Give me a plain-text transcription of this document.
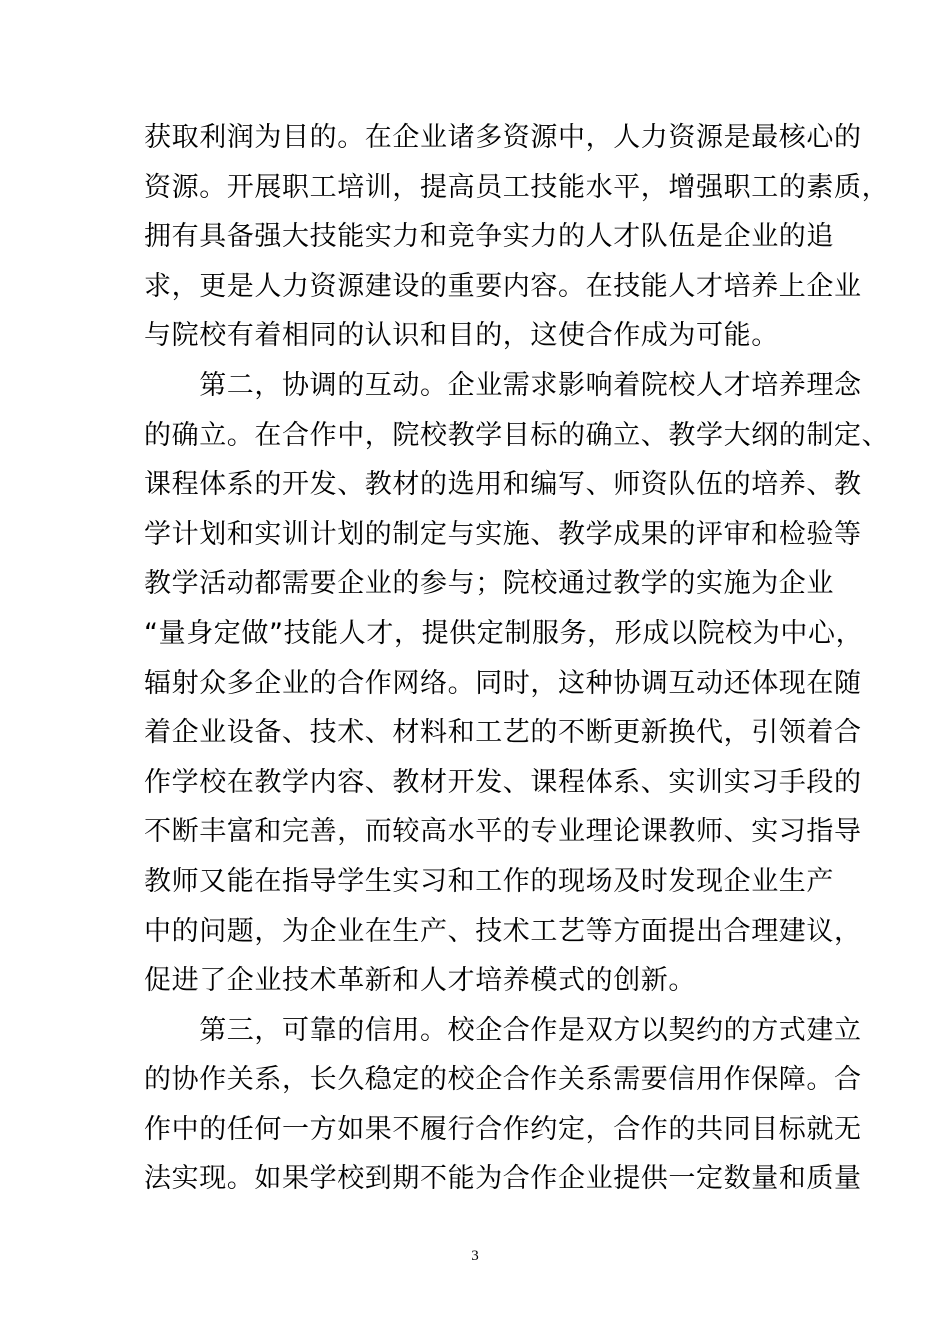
获取利润为目的。在企业诸多资源中，人力资源是最核心的
资源。开展职工培训，提高员工技能水平，增强职工的素质，
拥有具备强大技能实力和竞争实力的人才队伍是企业的追
求，更是人力资源建设的重要内容。在技能人才培养上企业
与院校有着相同的认识和目的，这使合作成为可能。
　　第二，协调的互动。企业需求影响着院校人才培养理念
的确立。在合作中，院校教学目标的确立、教学大纲的制定、
课程体系的开发、教材的选用和编写、师资队伍的培养、教
学计划和实训计划的制定与实施、教学成果的评审和检验等
教学活动都需要企业的参与；院校通过教学的实施为企业
“量身定做”技能人才，提供定制服务，形成以院校为中心，
辐射众多企业的合作网络。同时，这种协调互动还体现在随
着企业设备、技术、材料和工艺的不断更新换代，引领着合
作学校在教学内容、教材开发、课程体系、实训实习手段的
不断丰富和完善，而较高水平的专业理论课教师、实习指导
教师又能在指导学生实习和工作的现场及时发现企业生产
中的问题，为企业在生产、技术工艺等方面提出合理建议，
促进了企业技术革新和人才培养模式的创新。
　　第三，可靠的信用。校企合作是双方以契约的方式建立
的协作关系，长久稳定的校企合作关系需要信用作保障。合
作中的任何一方如果不履行合作约定，合作的共同目标就无
法实现。如果学校到期不能为合作企业提供一定数量和质量
3
